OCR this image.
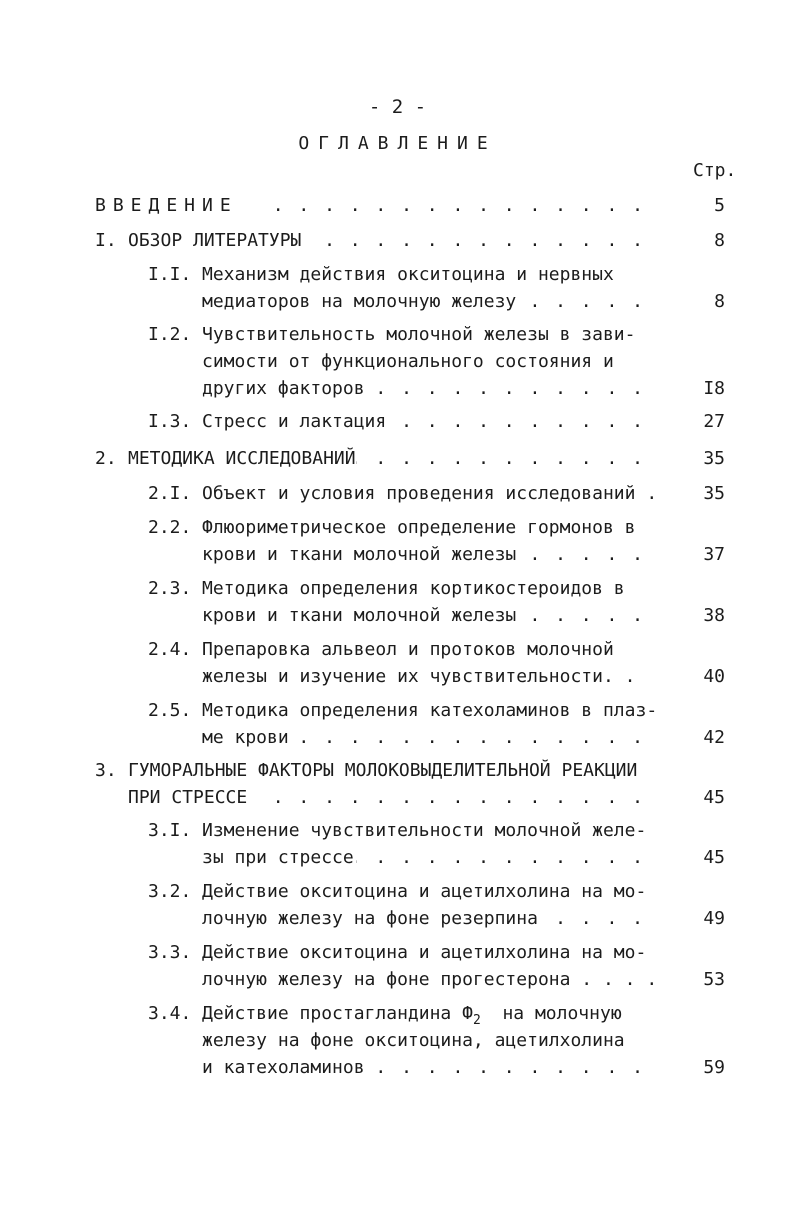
- 2 -
ОГЛАВЛЕНИЕ
Стр.
ВВЕДЕНИЕ . . .	5
I. ОБЗОР ЛИТЕРАТУРЫ . . .	8
I.I. Механизм действия окситоцина и нервных
медиаторов на молочную железу . . .	8
I.2. Чувствительность молочной железы в зави-
симости от функционального состояния и
других факторов . . .	I8
I.3. Стресс и лактация . . .	27
2. МЕТОДИКА ИССЛЕДОВАНИЙ . . .	35
2.I. Объект и условия проведения исследований .	35
2.2. Флюориметрическое определение гормонов в
крови и ткани молочной железы . . .	37
2.3. Методика определения кортикостероидов в
крови и ткани молочной железы . . .	38
2.4. Препаровка альвеол и протоков молочной
железы и изучение их чувствительности. .	40
2.5. Методика определения катехоламинов в плаз-
ме крови . . .	42
3. ГУМОРАЛЬНЫЕ ФАКТОРЫ МОЛОКОВЫДЕЛИТЕЛЬНОЙ РЕАКЦИИ
ПРИ СТРЕССЕ . . .	45
3.I. Изменение чувствительности молочной желе-
зы при стрессе . . .	45
3.2. Действие окситоцина и ацетилхолина на мо-
лочную железу на фоне резерпина . . .	49
3.3. Действие окситоцина и ацетилхолина на мо-
лочную железу на фоне прогестерона . . . .	53
3.4. Действие простагландина $Ф_2$ на молочную
железу на фоне окситоцина, ацетилхолина
и катехоламинов . . .	59
